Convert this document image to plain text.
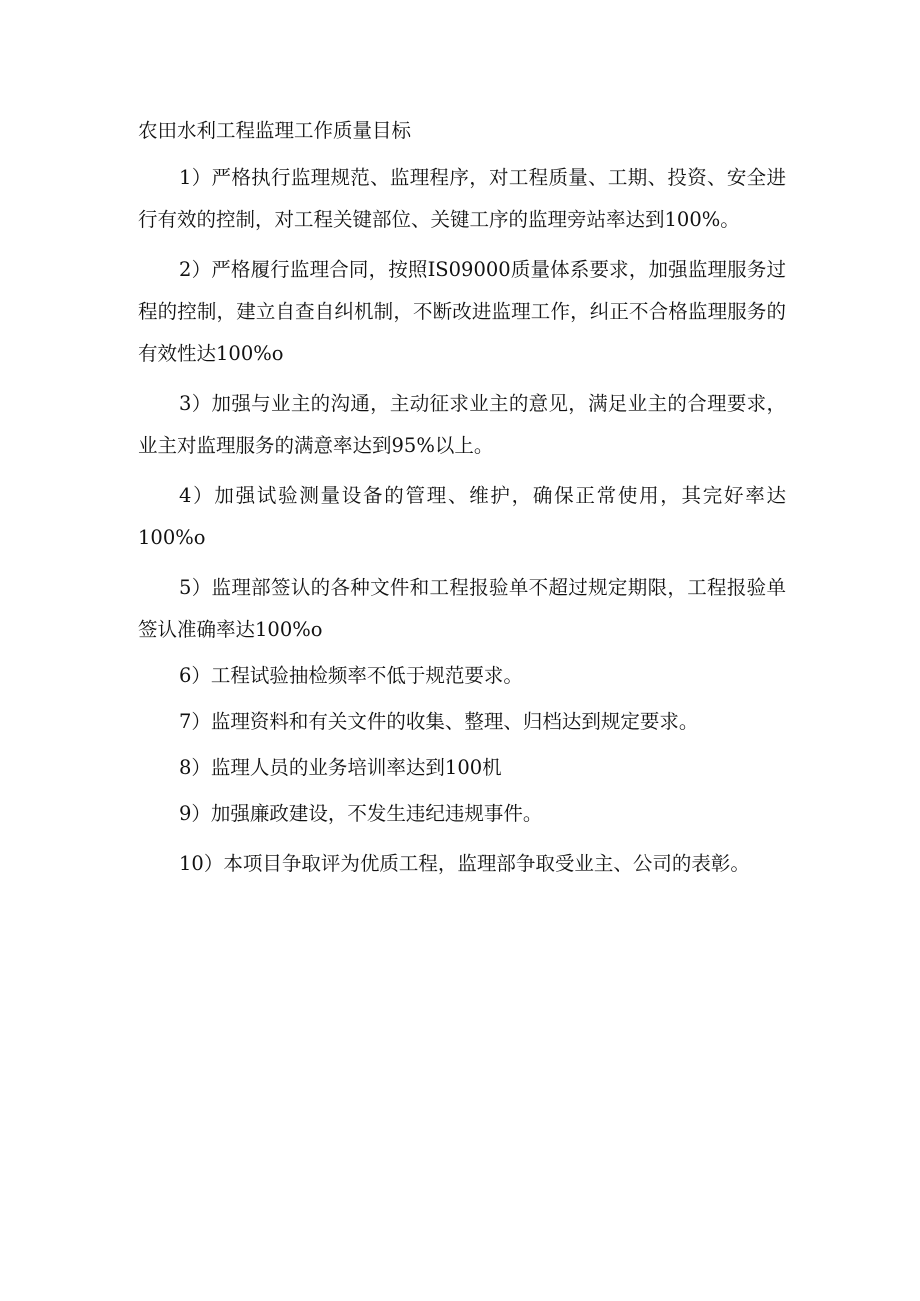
农田水利工程监理工作质量目标

1）严格执行监理规范、监理程序，对工程质量、工期、投资、安全进行有效的控制，对工程关键部位、关键工序的监理旁站率达到100%。

2）严格履行监理合同，按照IS09000质量体系要求，加强监理服务过程的控制，建立自查自纠机制，不断改进监理工作，纠正不合格监理服务的有效性达100%o

3）加强与业主的沟通，主动征求业主的意见，满足业主的合理要求，业主对监理服务的满意率达到95%以上。

4）加强试验测量设备的管理、维护，确保正常使用，其完好率达100%o

5）监理部签认的各种文件和工程报验单不超过规定期限，工程报验单签认准确率达100%o

6）工程试验抽检频率不低于规范要求。

7）监理资料和有关文件的收集、整理、归档达到规定要求。

8）监理人员的业务培训率达到100机

9）加强廉政建设，不发生违纪违规事件。

10）本项目争取评为优质工程，监理部争取受业主、公司的表彰。
